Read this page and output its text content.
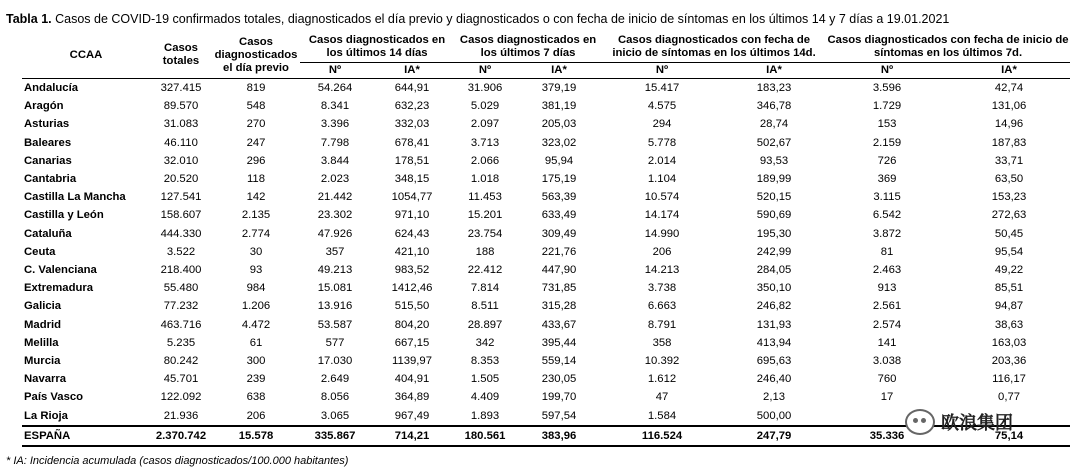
Tabla 1. Casos de COVID-19 confirmados totales, diagnosticados el día previo y diagnosticados o con fecha de inicio de síntomas en los últimos 14 y 7 días a 19.01.2021
CCAA	Casos totales	Casos diagnosticados el día previo	Casos diagnosticados en los últimos 14 días		Casos diagnosticados en los últimos 7 días		Casos diagnosticados con fecha de inicio de síntomas en los últimos 14d.		Casos diagnosticados con fecha de inicio de síntomas en los últimos 7d.	
			Nº	IA*	Nº	IA*	Nº	IA*	Nº	IA*
Andalucía	327.415	819	54.264	644,91	31.906	379,19	15.417	183,23	3.596	42,74
Aragón	89.570	548	8.341	632,23	5.029	381,19	4.575	346,78	1.729	131,06
Asturias	31.083	270	3.396	332,03	2.097	205,03	294	28,74	153	14,96
Baleares	46.110	247	7.798	678,41	3.713	323,02	5.778	502,67	2.159	187,83
Canarias	32.010	296	3.844	178,51	2.066	95,94	2.014	93,53	726	33,71
Cantabria	20.520	118	2.023	348,15	1.018	175,19	1.104	189,99	369	63,50
Castilla La Mancha	127.541	142	21.442	1054,77	11.453	563,39	10.574	520,15	3.115	153,23
Castilla y León	158.607	2.135	23.302	971,10	15.201	633,49	14.174	590,69	6.542	272,63
Cataluña	444.330	2.774	47.926	624,43	23.754	309,49	14.990	195,30	3.872	50,45
Ceuta	3.522	30	357	421,10	188	221,76	206	242,99	81	95,54
C. Valenciana	218.400	93	49.213	983,52	22.412	447,90	14.213	284,05	2.463	49,22
Extremadura	55.480	984	15.081	1412,46	7.814	731,85	3.738	350,10	913	85,51
Galicia	77.232	1.206	13.916	515,50	8.511	315,28	6.663	246,82	2.561	94,87
Madrid	463.716	4.472	53.587	804,20	28.897	433,67	8.791	131,93	2.574	38,63
Melilla	5.235	61	577	667,15	342	395,44	358	413,94	141	163,03
Murcia	80.242	300	17.030	1139,97	8.353	559,14	10.392	695,63	3.038	203,36
Navarra	45.701	239	2.649	404,91	1.505	230,05	1.612	246,40	760	116,17
País Vasco	122.092	638	8.056	364,89	4.409	199,70	47	2,13	17	0,77
La Rioja	21.936	206	3.065	967,49	1.893	597,54	1.584	500,00		
ESPAÑA	2.370.742	15.578	335.867	714,21	180.561	383,96	116.524	247,79	35.336	75,14
* IA: Incidencia acumulada (casos diagnosticados/100.000 habitantes)
欧浪集团
